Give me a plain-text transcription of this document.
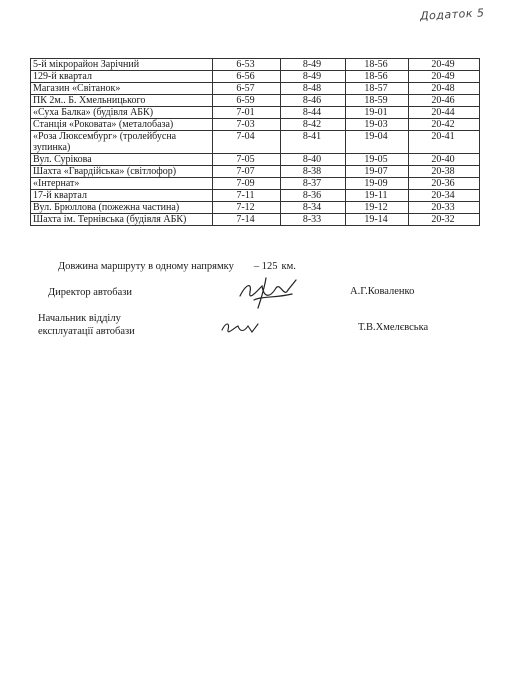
Додаток 5
5-й мікрорайон Зарічний	6-53	8-49	18-56	20-49
129-й квартал	6-56	8-49	18-56	20-49
Магазин «Світанок»	6-57	8-48	18-57	20-48
ПК 2м.. Б. Хмельницького	6-59	8-46	18-59	20-46
«Суха Балка» (будівля АБК)	7-01	8-44	19-01	20-44
Станція «Роковата» (металобаза)	7-03	8-42	19-03	20-42
«Роза Люксембург» (тролейбусна зупинка)	7-04	8-41	19-04	20-41
Вул. Сурікова	7-05	8-40	19-05	20-40
Шахта «Гвардійська» (світлофор)	7-07	8-38	19-07	20-38
«Інтернат»	7-09	8-37	19-09	20-36
17-й квартал	7-11	8-36	19-11	20-34
Вул. Брюллова (пожежна частина)	7-12	8-34	19-12	20-33
Шахта ім. Тернівська (будівля АБК)	7-14	8-33	19-14	20-32
Довжина маршруту в одному напрямку – 125 км.
Директор автобази	А.Г.Коваленко
Начальник відділу
експлуатації автобази	Т.В.Хмелєвська
